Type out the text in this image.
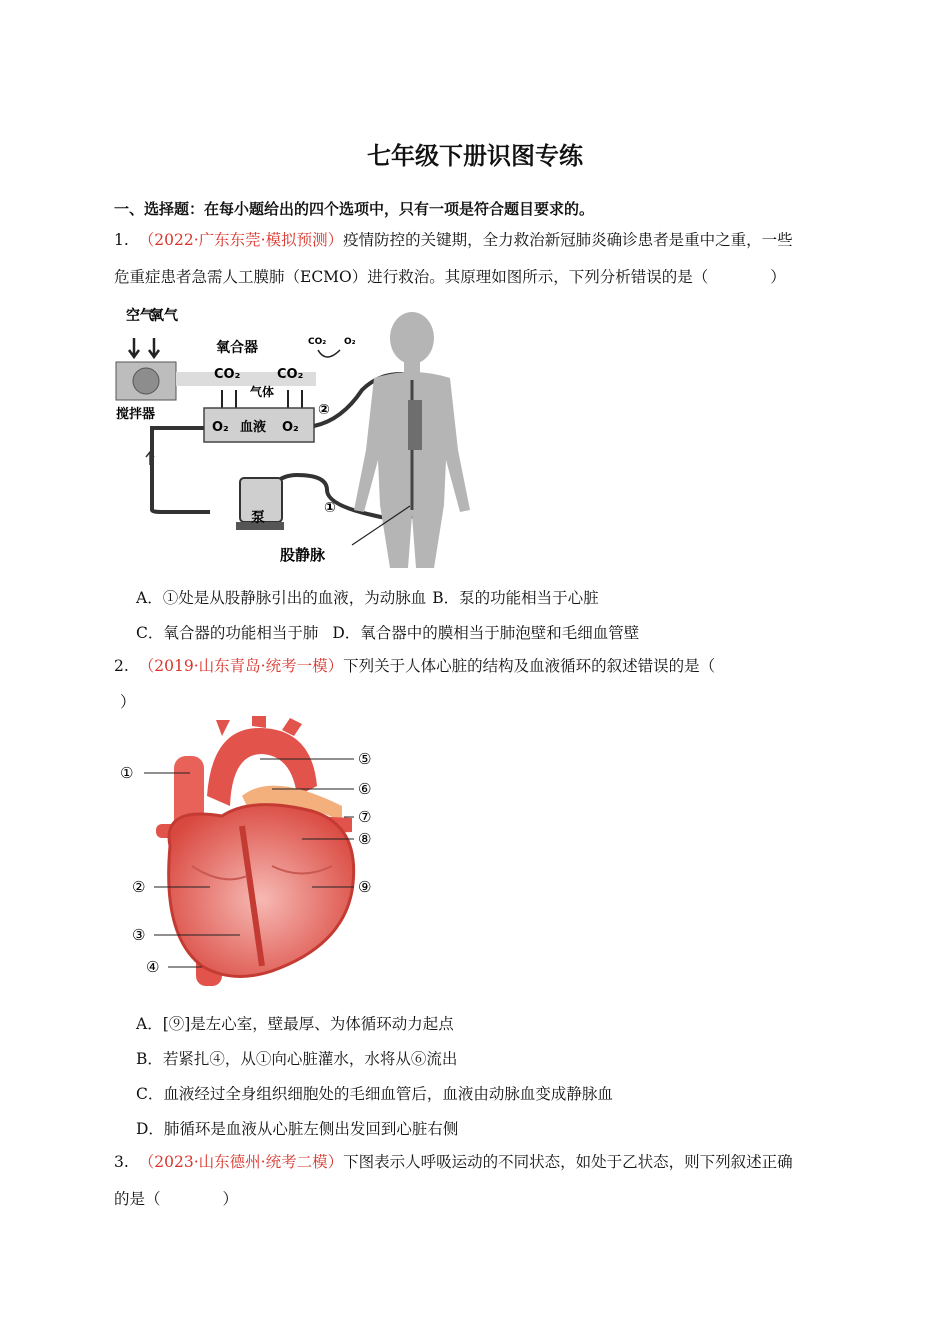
七年级下册识图专练
一、选择题：在每小题给出的四个选项中，只有一项是符合题目要求的。
1. （2022·广东东莞·模拟预测）疫情防控的关键期，全力救治新冠肺炎确诊患者是重中之重，一些
危重症患者急需人工膜肺（ECMO）进行救治。其原理如图所示，下列分析错误的是（　　　　）
空气
氧气
搅拌器
氧合器	CO₂ O₂
CO₂	CO₂
气体
O₂ 血液 O₂
②
泵
①
股静脉
A．①处是从股静脉引出的血液，为动脉血 B．泵的功能相当于心脏
C．氧合器的功能相当于肺 D．氧合器中的膜相当于肺泡壁和毛细血管壁
2. （2019·山东青岛·统考一模）下列关于人体心脏的结构及血液循环的叙述错误的是（
）
①
②
③
④
⑤
⑥
⑦
⑧
⑨
A．[⑨]是左心室，壁最厚、为体循环动力起点
B．若紧扎④，从①向心脏灌水，水将从⑥流出
C．血液经过全身组织细胞处的毛细血管后，血液由动脉血变成静脉血
D．肺循环是血液从心脏左侧出发回到心脏右侧
3. （2023·山东德州·统考二模）下图表示人呼吸运动的不同状态，如处于乙状态，则下列叙述正确
的是（　　　　）
